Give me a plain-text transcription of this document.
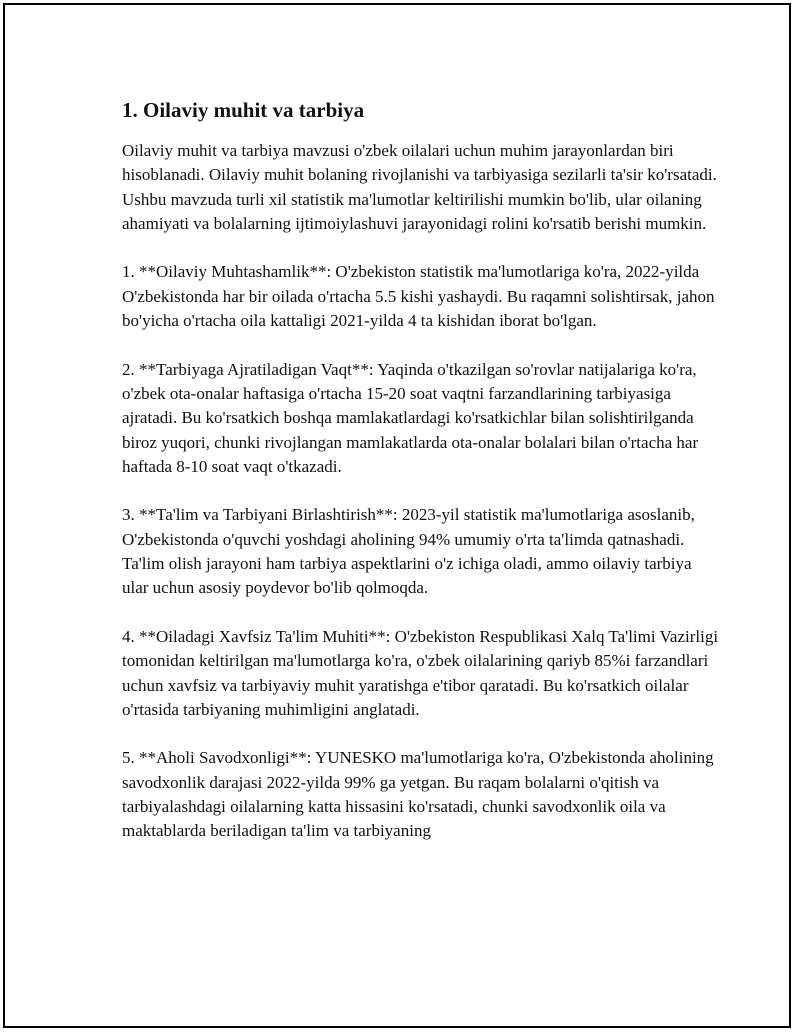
1. Oilaviy muhit va tarbiya

Oilaviy muhit va tarbiya mavzusi o'zbek oilalari uchun muhim jarayonlardan biri hisoblanadi. Oilaviy muhit bolaning rivojlanishi va tarbiyasiga sezilarli ta'sir ko'rsatadi. Ushbu mavzuda turli xil statistik ma'lumotlar keltirilishi mumkin bo'lib, ular oilaning ahamiyati va bolalarning ijtimoiylashuvi jarayonidagi rolini ko'rsatib berishi mumkin.

1. **Oilaviy Muhtashamlik**: O'zbekiston statistik ma'lumotlariga ko'ra, 2022-yilda O'zbekistonda har bir oilada o'rtacha 5.5 kishi yashaydi. Bu raqamni solishtirsak, jahon bo'yicha o'rtacha oila kattaligi 2021-yilda 4 ta kishidan iborat bo'lgan.

2. **Tarbiyaga Ajratiladigan Vaqt**: Yaqinda o'tkazilgan so'rovlar natijalariga ko'ra, o'zbek ota-onalar haftasiga o'rtacha 15-20 soat vaqtni farzandlarining tarbiyasiga ajratadi. Bu ko'rsatkich boshqa mamlakatlardagi ko'rsatkichlar bilan solishtirilganda biroz yuqori, chunki rivojlangan mamlakatlarda ota-onalar bolalari bilan o'rtacha har haftada 8-10 soat vaqt o'tkazadi.

3. **Ta'lim va Tarbiyani Birlashtirish**: 2023-yil statistik ma'lumotlariga asoslanib, O'zbekistonda o'quvchi yoshdagi aholining 94% umumiy o'rta ta'limda qatnashadi. Ta'lim olish jarayoni ham tarbiya aspektlarini o'z ichiga oladi, ammo oilaviy tarbiya ular uchun asosiy poydevor bo'lib qolmoqda.

4. **Oiladagi Xavfsiz Ta'lim Muhiti**: O'zbekiston Respublikasi Xalq Ta'limi Vazirligi tomonidan keltirilgan ma'lumotlarga ko'ra, o'zbek oilalarining qariyb 85%i farzandlari uchun xavfsiz va tarbiyaviy muhit yaratishga e'tibor qaratadi. Bu ko'rsatkich oilalar o'rtasida tarbiyaning muhimligini anglatadi.

5. **Aholi Savodxonligi**: YUNESKO ma'lumotlariga ko'ra, O'zbekistonda aholining savodxonlik darajasi 2022-yilda 99% ga yetgan. Bu raqam bolalarni o'qitish va tarbiyalashdagi oilalarning katta hissasini ko'rsatadi, chunki savodxonlik oila va maktablarda beriladigan ta'lim va tarbiyaning
